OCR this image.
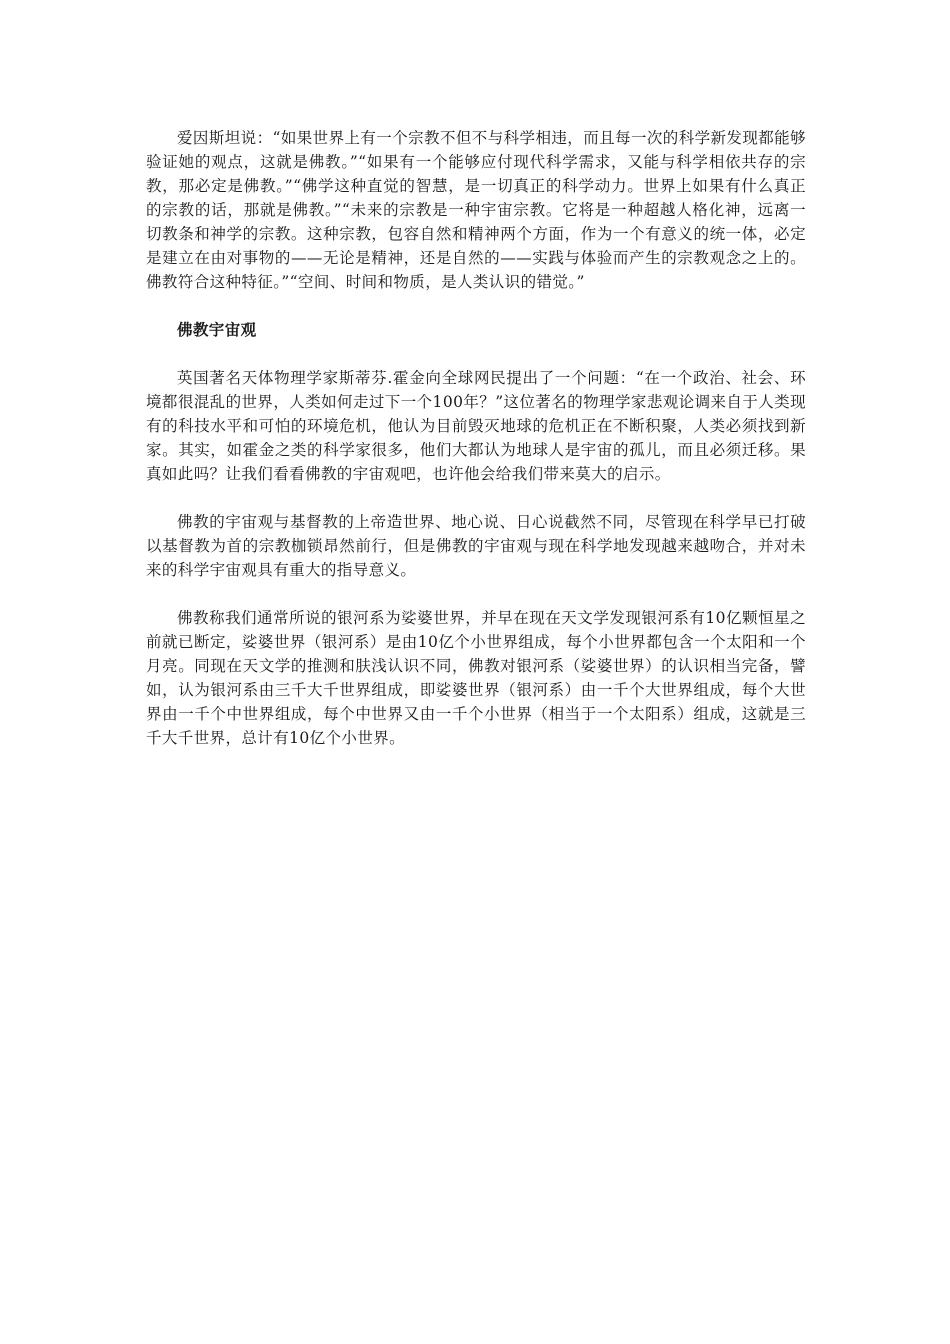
爱因斯坦说：“如果世界上有一个宗教不但不与科学相违，而且每一次的科学新发现都能够验证她的观点，这就是佛教。”“如果有一个能够应付现代科学需求，又能与科学相依共存的宗教，那必定是佛教。”“佛学这种直觉的智慧，是一切真正的科学动力。世界上如果有什么真正的宗教的话，那就是佛教。”“未来的宗教是一种宇宙宗教。它将是一种超越人格化神，远离一切教条和神学的宗教。这种宗教，包容自然和精神两个方面，作为一个有意义的统一体，必定是建立在由对事物的——无论是精神，还是自然的——实践与体验而产生的宗教观念之上的。佛教符合这种特征。”“空间、时间和物质，是人类认识的错觉。”

佛教宇宙观

英国著名天体物理学家斯蒂芬.霍金向全球网民提出了一个问题：“在一个政治、社会、环境都很混乱的世界，人类如何走过下一个100年？”这位著名的物理学家悲观论调来自于人类现有的科技水平和可怕的环境危机，他认为目前毁灭地球的危机正在不断积聚，人类必须找到新家。其实，如霍金之类的科学家很多，他们大都认为地球人是宇宙的孤儿，而且必须迁移。果真如此吗？让我们看看佛教的宇宙观吧，也许他会给我们带来莫大的启示。

佛教的宇宙观与基督教的上帝造世界、地心说、日心说截然不同，尽管现在科学早已打破以基督教为首的宗教枷锁昂然前行，但是佛教的宇宙观与现在科学地发现越来越吻合，并对未来的科学宇宙观具有重大的指导意义。

佛教称我们通常所说的银河系为娑婆世界，并早在现在天文学发现银河系有10亿颗恒星之前就已断定，娑婆世界（银河系）是由10亿个小世界组成，每个小世界都包含一个太阳和一个月亮。同现在天文学的推测和肤浅认识不同，佛教对银河系（娑婆世界）的认识相当完备，譬如，认为银河系由三千大千世界组成，即娑婆世界（银河系）由一千个大世界组成，每个大世界由一千个中世界组成，每个中世界又由一千个小世界（相当于一个太阳系）组成，这就是三千大千世界，总计有10亿个小世界。
